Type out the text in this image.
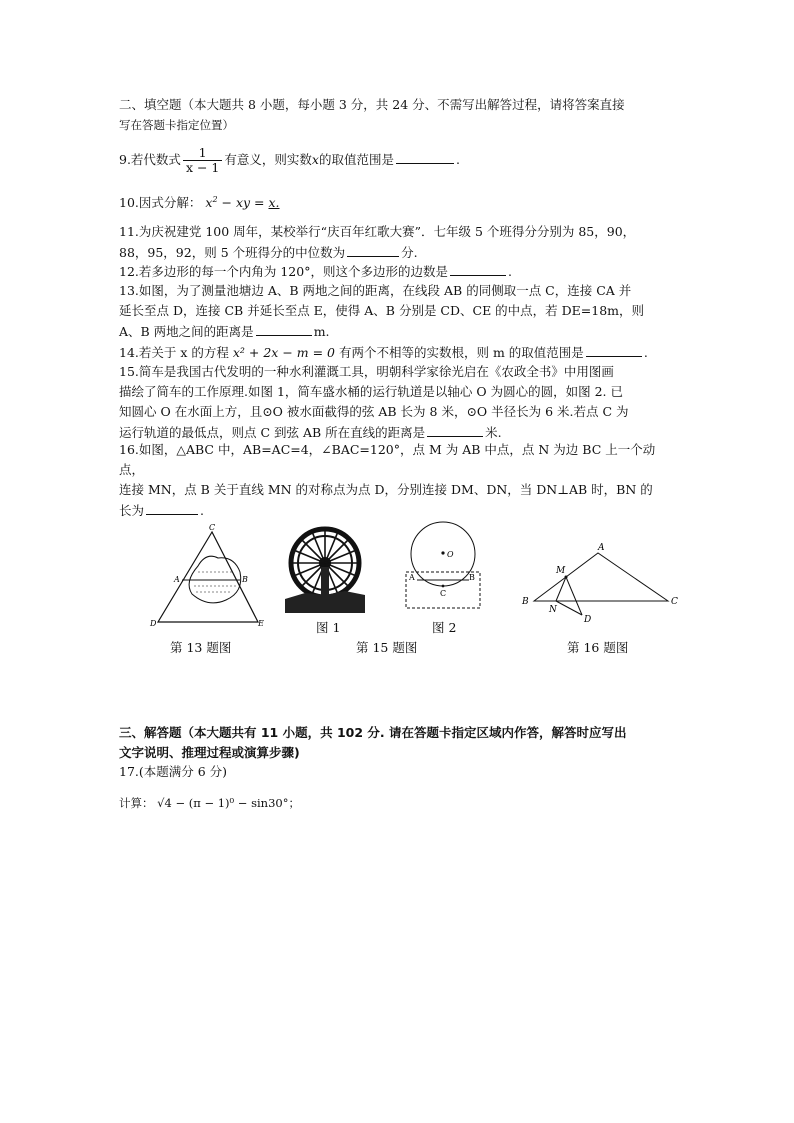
二、填空题（本大题共 8 小题，每小题 3 分，共 24 分、不需写出解答过程，请将答案直接
写在答题卡指定位置）
9.若代数式 $\frac{1}{x - 1}$ 有意义，则实数x的取值范围是	.
10.因式分解： $x^2$ − xy = x.
11.为庆祝建党 100 周年，某校举行“庆百年红歌大赛”．七年级 5 个班得分分别为 85，90，
88，95，92，则 5 个班得分的中位数为	分.
12.若多边形的每一个内角为 120°，则这个多边形的边数是	.
13.如图，为了测量池塘边 A、B 两地之间的距离，在线段 AB 的同侧取一点 C，连接 CA 并
延长至点 D，连接 CB 并延长至点 E，使得 A、B 分别是 CD、CE 的中点，若 DE=18m，则
A、B 两地之间的距离是	m.
14.若关于 x 的方程 x² + 2x − m = 0 有两个不相等的实数根，则 m 的取值范围是	.
15.简车是我国古代发明的一种水利灌溉工具，明朝科学家徐光启在《农政全书》中用图画
描绘了简车的工作原理.如图 1，简车盛水桶的运行轨道是以轴心 O 为圆心的圆，如图 2. 已
知圆心 O 在水面上方，且⊙O 被水面截得的弦 AB 长为 8 米，⊙O 半径长为 6 米.若点 C 为
运行轨道的最低点，则点 C 到弦 AB 所在直线的距离是	米.
16.如图，△ABC 中，AB=AC=4，∠BAC=120°，点 M 为 AB 中点，点 N 为边 BC 上一个动点，
连接 MN，点 B 关于直线 MN 的对称点为点 D，分别连接 DM、DN，当 DN⊥AB 时，BN 的
长为	.
C
A	B
D	E
O
A	B
C
A
M
B
N
D
C
图 1	图 2
第 13 题图	第 15 题图	第 16 题图
三、解答题（本大题共有 11 小题，共 102 分. 请在答题卡指定区域内作答，解答时应写出
文字说明、推理过程或演算步骤)
17.(本题满分 6 分)
计算： √4 − (π − 1)⁰ − sin30°；
